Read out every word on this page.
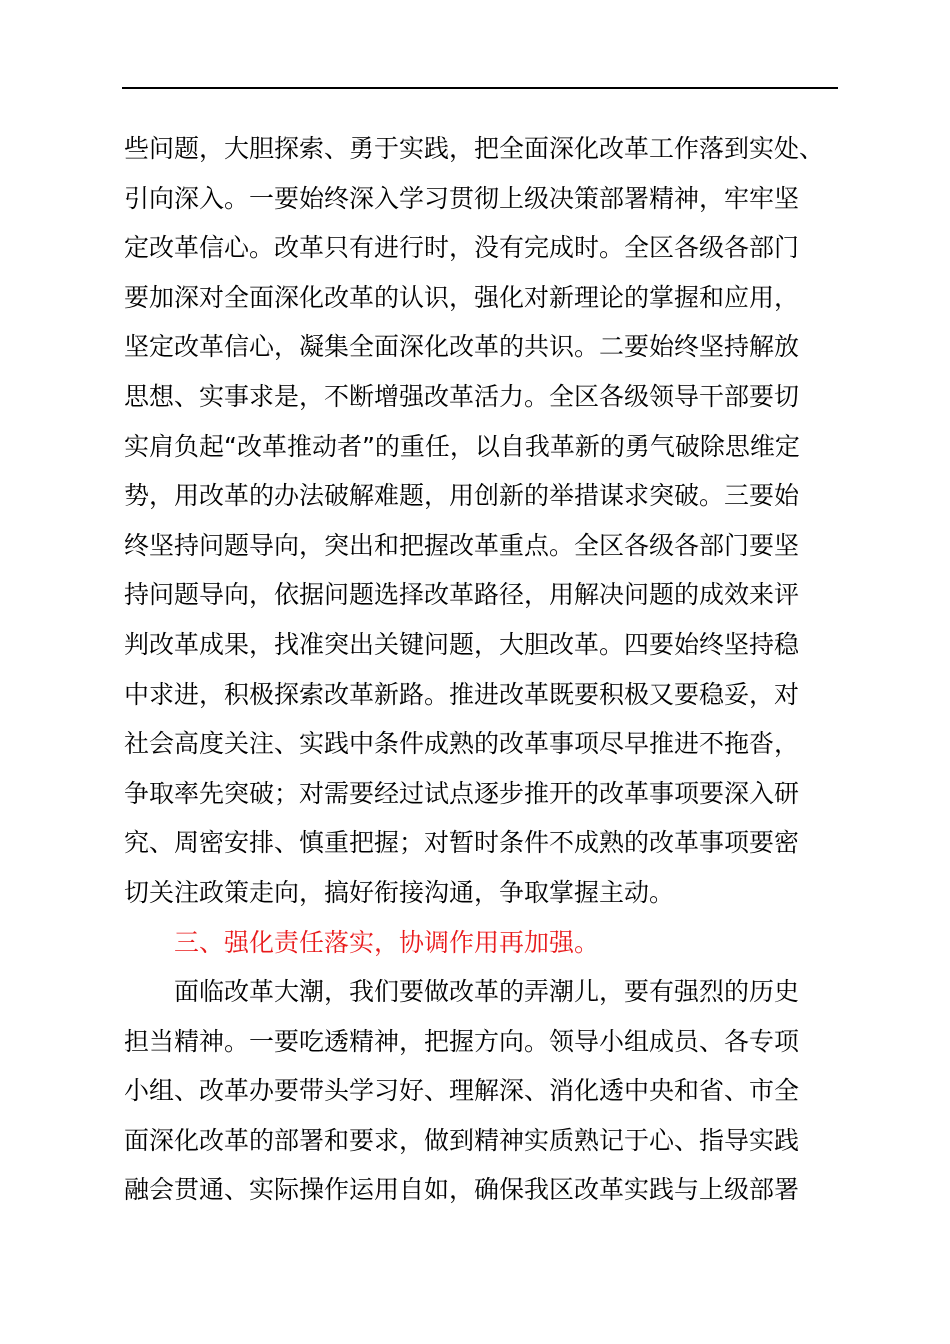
些问题，大胆探索、勇于实践，把全面深化改革工作落到实处、
引向深入。一要始终深入学习贯彻上级决策部署精神，牢牢坚
定改革信心。改革只有进行时，没有完成时。全区各级各部门
要加深对全面深化改革的认识，强化对新理论的掌握和应用，
坚定改革信心，凝集全面深化改革的共识。二要始终坚持解放
思想、实事求是，不断增强改革活力。全区各级领导干部要切
实肩负起“改革推动者”的重任，以自我革新的勇气破除思维定
势，用改革的办法破解难题，用创新的举措谋求突破。三要始
终坚持问题导向，突出和把握改革重点。全区各级各部门要坚
持问题导向，依据问题选择改革路径，用解决问题的成效来评
判改革成果，找准突出关键问题，大胆改革。四要始终坚持稳
中求进，积极探索改革新路。推进改革既要积极又要稳妥，对
社会高度关注、实践中条件成熟的改革事项尽早推进不拖沓，
争取率先突破；对需要经过试点逐步推开的改革事项要深入研
究、周密安排、慎重把握；对暂时条件不成熟的改革事项要密
切关注政策走向，搞好衔接沟通，争取掌握主动。
三、强化责任落实，协调作用再加强。
面临改革大潮，我们要做改革的弄潮儿，要有强烈的历史
担当精神。一要吃透精神，把握方向。领导小组成员、各专项
小组、改革办要带头学习好、理解深、消化透中央和省、市全
面深化改革的部署和要求，做到精神实质熟记于心、指导实践
融会贯通、实际操作运用自如，确保我区改革实践与上级部署
